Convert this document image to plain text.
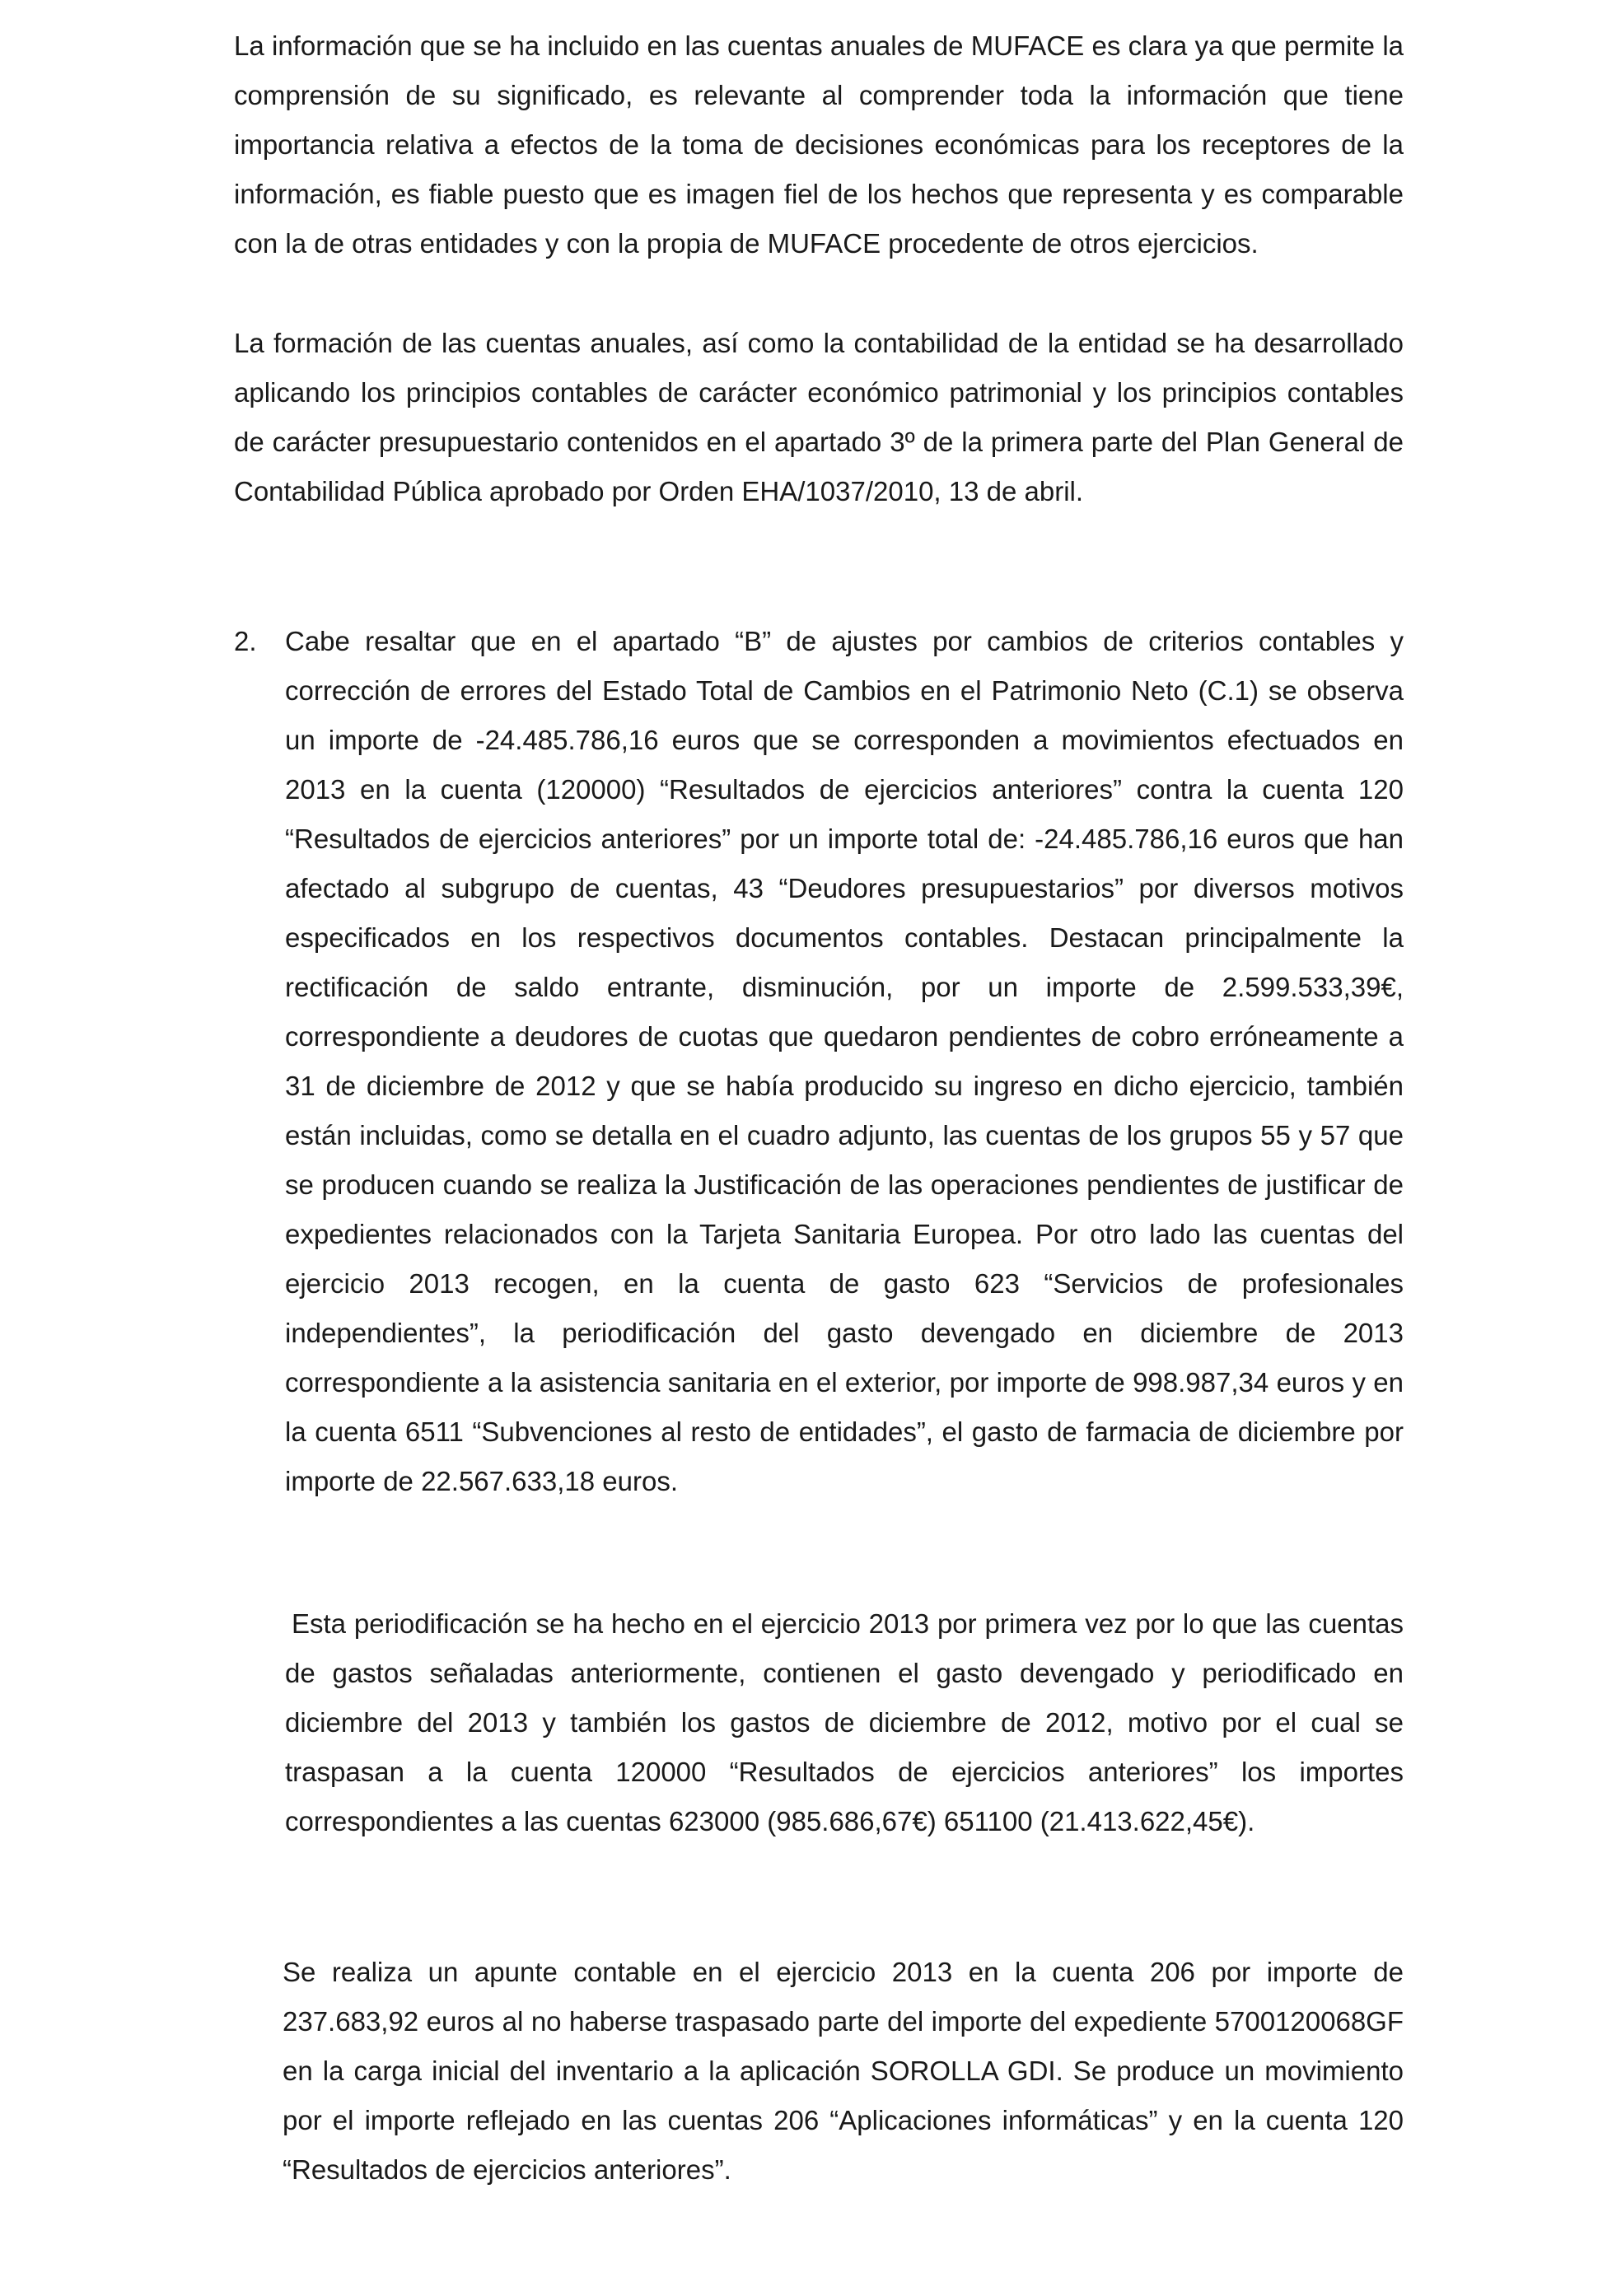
La información que se ha incluido en las cuentas anuales de MUFACE es clara ya que permite la comprensión de su significado, es relevante al comprender toda la información que tiene importancia relativa a efectos de la toma de decisiones económicas para los receptores de la información, es fiable puesto que es imagen fiel de los hechos que representa y es comparable con la de otras entidades y con la propia de MUFACE procedente de otros ejercicios.

La formación de las cuentas anuales, así como la contabilidad de la entidad se ha desarrollado aplicando los principios contables de carácter económico patrimonial y los principios contables de carácter presupuestario contenidos en el apartado 3º de la primera parte del Plan General de Contabilidad Pública aprobado por Orden EHA/1037/2010, 13 de abril.

2.	Cabe resaltar que en el apartado “B” de ajustes por cambios de criterios contables y corrección de errores del Estado Total de Cambios en el Patrimonio Neto (C.1) se observa un importe de -24.485.786,16 euros que se corresponden a movimientos efectuados en 2013 en la cuenta (120000) “Resultados de ejercicios anteriores” contra la cuenta 120 “Resultados de ejercicios anteriores” por un importe total de: -24.485.786,16 euros que han afectado al subgrupo de cuentas, 43 “Deudores presupuestarios” por diversos motivos especificados en los respectivos documentos contables. Destacan principalmente la rectificación de saldo entrante, disminución, por un importe de 2.599.533,39€, correspondiente a deudores de cuotas que quedaron pendientes de cobro erróneamente a 31 de diciembre de 2012 y que se había producido su ingreso en dicho ejercicio, también están incluidas, como se detalla en el cuadro adjunto, las cuentas de los grupos 55 y 57 que se producen cuando se realiza la Justificación de las operaciones pendientes de justificar de expedientes relacionados con la Tarjeta Sanitaria Europea. Por otro lado las cuentas del ejercicio 2013 recogen, en la cuenta de gasto 623 “Servicios de profesionales independientes”, la periodificación del gasto devengado en diciembre de 2013 correspondiente a la asistencia sanitaria en el exterior, por importe de 998.987,34 euros y en la cuenta 6511 “Subvenciones al resto de entidades”, el gasto de farmacia de diciembre por importe de 22.567.633,18 euros.

Esta periodificación se ha hecho en el ejercicio 2013 por primera vez por lo que las cuentas de gastos señaladas anteriormente, contienen el gasto devengado y periodificado en diciembre del 2013 y también los gastos de diciembre de 2012, motivo por el cual se traspasan a la cuenta 120000 “Resultados de ejercicios anteriores” los importes correspondientes a las cuentas 623000 (985.686,67€) 651100 (21.413.622,45€).

Se realiza un apunte contable en el ejercicio 2013 en la cuenta 206 por importe de 237.683,92 euros al no haberse traspasado parte del importe del expediente 5700120068GF en la carga inicial del inventario a la aplicación SOROLLA GDI. Se produce un movimiento por el importe reflejado en las cuentas 206 “Aplicaciones informáticas” y en la cuenta 120 “Resultados de ejercicios anteriores”.
